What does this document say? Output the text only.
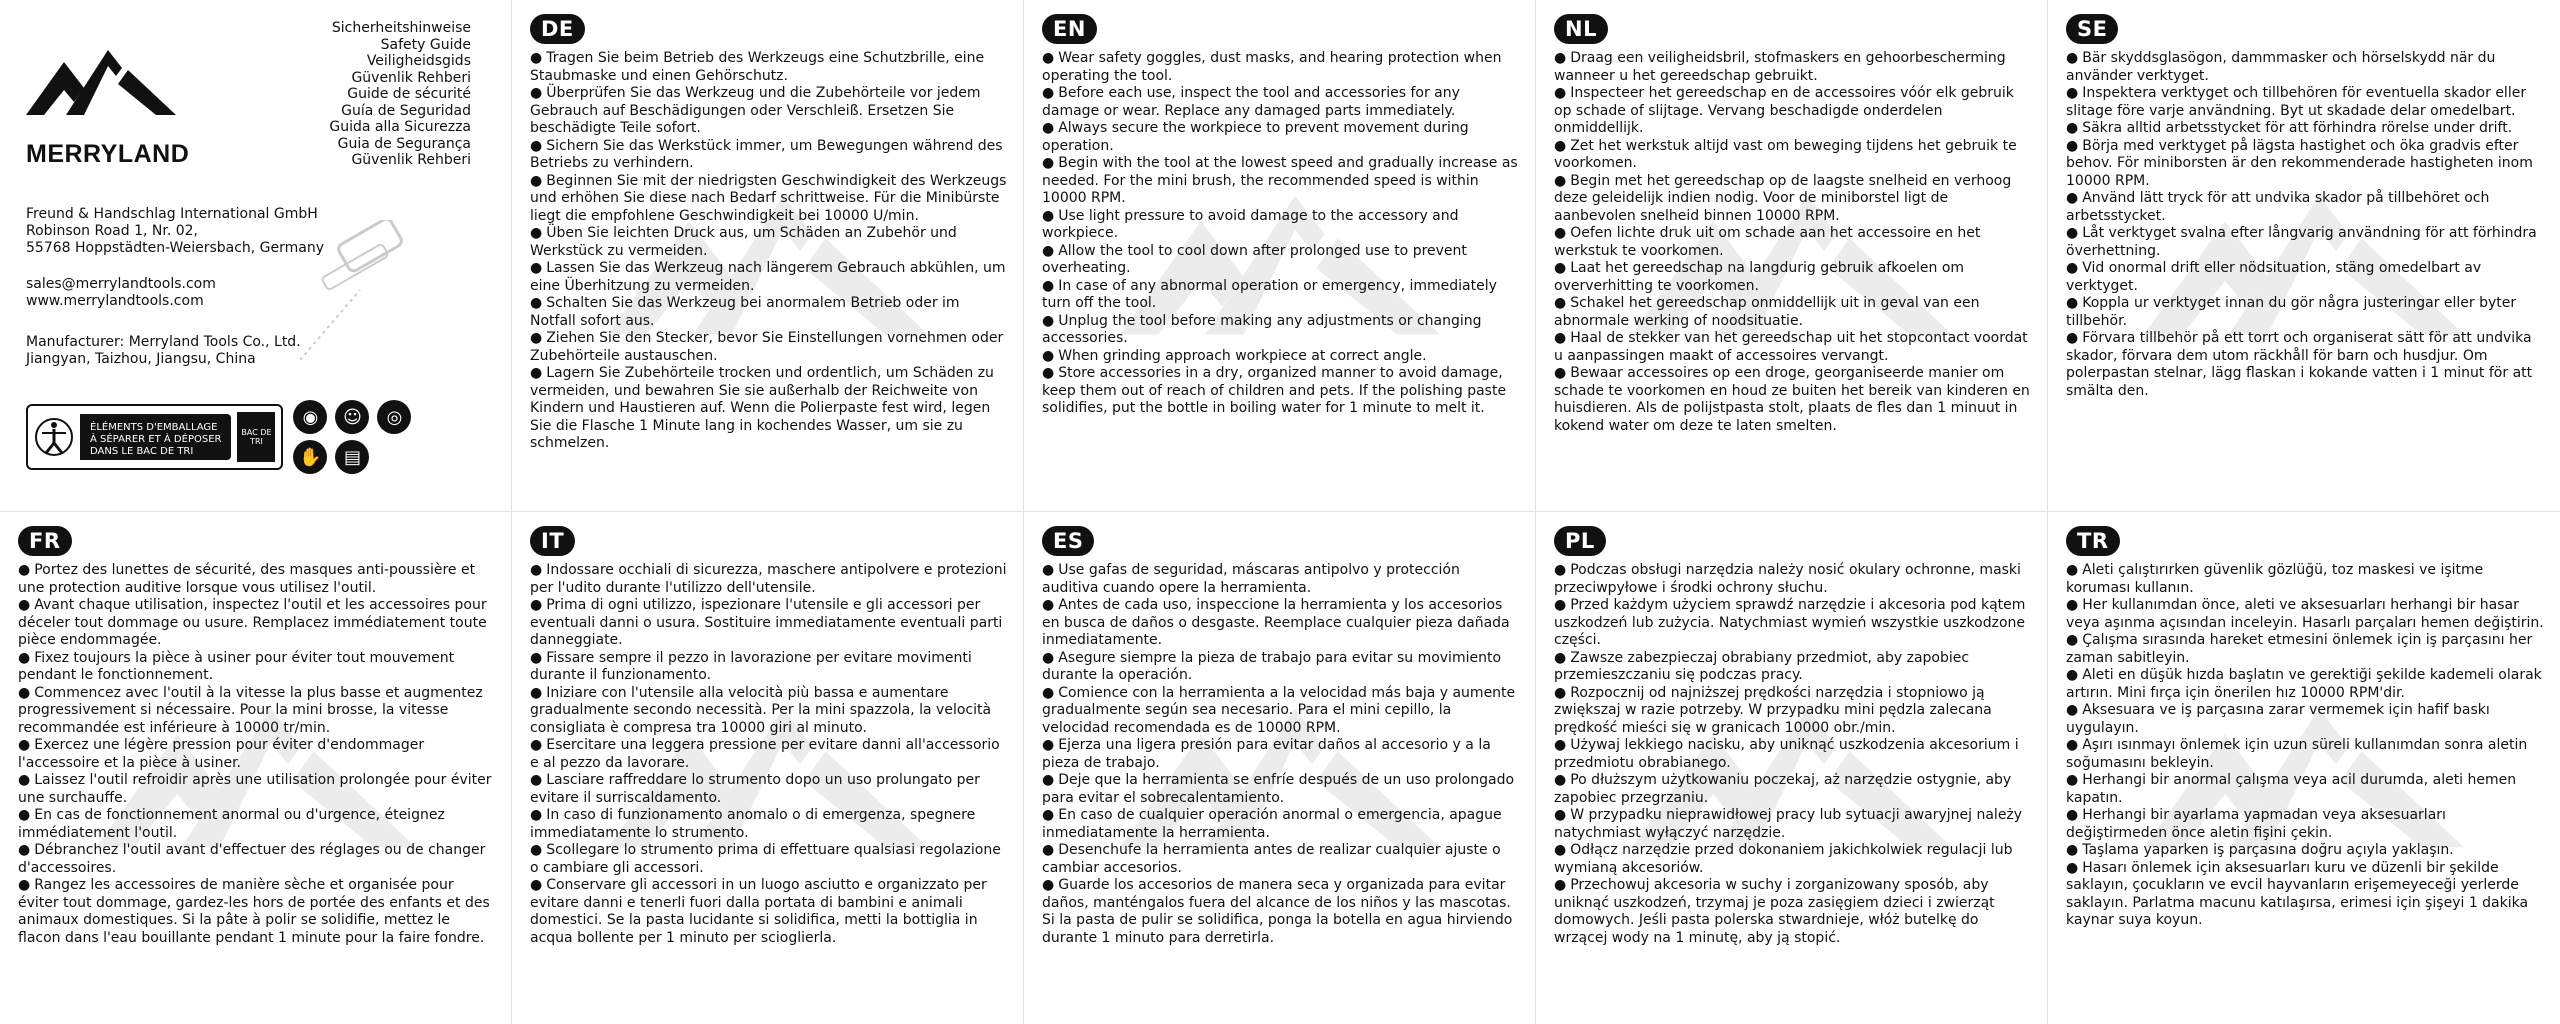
MERRYLAND
Sicherheitshinweise
Safety Guide
Veiligheidsgids
Güvenlik Rehberi
Guide de sécurité
Guía de Seguridad
Guida alla Sicurezza
Guia de Segurança
Güvenlik Rehberi
Freund & Handschlag International GmbH
Robinson Road 1, Nr. 02,
55768 Hoppstädten-Weiersbach, Germany
sales@merrylandtools.com
www.merrylandtools.com
Manufacturer: Merryland Tools Co., Ltd.
Jiangyan, Taizhou, Jiangsu, China
ÉLÉMENTS D'EMBALLAGE
À SÉPARER ET À DÉPOSER
DANS LE BAC DE TRI
BAC DE TRI
◉	☺	◎
✋	▤
DE
● Tragen Sie beim Betrieb des Werkzeugs eine Schutzbrille, eine Staubmaske und einen Gehörschutz.
● Überprüfen Sie das Werkzeug und die Zubehörteile vor jedem Gebrauch auf Beschädigungen oder Verschleiß. Ersetzen Sie beschädigte Teile sofort.
● Sichern Sie das Werkstück immer, um Bewegungen während des Betriebs zu verhindern.
● Beginnen Sie mit der niedrigsten Geschwindigkeit des Werkzeugs und erhöhen Sie diese nach Bedarf schrittweise. Für die Minibürste liegt die empfohlene Geschwindigkeit bei 10000 U/min.
● Üben Sie leichten Druck aus, um Schäden an Zubehör und Werkstück zu vermeiden.
● Lassen Sie das Werkzeug nach längerem Gebrauch abkühlen, um eine Überhitzung zu vermeiden.
● Schalten Sie das Werkzeug bei anormalem Betrieb oder im Notfall sofort aus.
● Ziehen Sie den Stecker, bevor Sie Einstellungen vornehmen oder Zubehörteile austauschen.
● Lagern Sie Zubehörteile trocken und ordentlich, um Schäden zu vermeiden, und bewahren Sie sie außerhalb der Reichweite von Kindern und Haustieren auf. Wenn die Polierpaste fest wird, legen Sie die Flasche 1 Minute lang in kochendes Wasser, um sie zu schmelzen.
EN
● Wear safety goggles, dust masks, and hearing protection when operating the tool.
● Before each use, inspect the tool and accessories for any damage or wear. Replace any damaged parts immediately.
● Always secure the workpiece to prevent movement during operation.
● Begin with the tool at the lowest speed and gradually increase as needed. For the mini brush, the recommended speed is within 10000 RPM.
● Use light pressure to avoid damage to the accessory and workpiece.
● Allow the tool to cool down after prolonged use to prevent overheating.
● In case of any abnormal operation or emergency, immediately turn off the tool.
● Unplug the tool before making any adjustments or changing accessories.
● When grinding approach workpiece at correct angle.
● Store accessories in a dry, organized manner to avoid damage, keep them out of reach of children and pets. If the polishing paste solidifies, put the bottle in boiling water for 1 minute to melt it.
NL
● Draag een veiligheidsbril, stofmaskers en gehoorbescherming wanneer u het gereedschap gebruikt.
● Inspecteer het gereedschap en de accessoires vóór elk gebruik op schade of slijtage. Vervang beschadigde onderdelen onmiddellijk.
● Zet het werkstuk altijd vast om beweging tijdens het gebruik te voorkomen.
● Begin met het gereedschap op de laagste snelheid en verhoog deze geleidelijk indien nodig. Voor de miniborstel ligt de aanbevolen snelheid binnen 10000 RPM.
● Oefen lichte druk uit om schade aan het accessoire en het werkstuk te voorkomen.
● Laat het gereedschap na langdurig gebruik afkoelen om oververhitting te voorkomen.
● Schakel het gereedschap onmiddellijk uit in geval van een abnormale werking of noodsituatie.
● Haal de stekker van het gereedschap uit het stopcontact voordat u aanpassingen maakt of accessoires vervangt.
● Bewaar accessoires op een droge, georganiseerde manier om schade te voorkomen en houd ze buiten het bereik van kinderen en huisdieren. Als de polijstpasta stolt, plaats de fles dan 1 minuut in kokend water om deze te laten smelten.
SE
● Bär skyddsglasögon, dammmasker och hörselskydd när du använder verktyget.
● Inspektera verktyget och tillbehören för eventuella skador eller slitage före varje användning. Byt ut skadade delar omedelbart.
● Säkra alltid arbetsstycket för att förhindra rörelse under drift.
● Börja med verktyget på lägsta hastighet och öka gradvis efter behov. För miniborsten är den rekommenderade hastigheten inom 10000 RPM.
● Använd lätt tryck för att undvika skador på tillbehöret och arbetsstycket.
● Låt verktyget svalna efter långvarig användning för att förhindra överhettning.
● Vid onormal drift eller nödsituation, stäng omedelbart av verktyget.
● Koppla ur verktyget innan du gör några justeringar eller byter tillbehör.
● Förvara tillbehör på ett torrt och organiserat sätt för att undvika skador, förvara dem utom räckhåll för barn och husdjur. Om polerpastan stelnar, lägg flaskan i kokande vatten i 1 minut för att smälta den.
FR
● Portez des lunettes de sécurité, des masques anti-poussière et une protection auditive lorsque vous utilisez l'outil.
● Avant chaque utilisation, inspectez l'outil et les accessoires pour déceler tout dommage ou usure. Remplacez immédiatement toute pièce endommagée.
● Fixez toujours la pièce à usiner pour éviter tout mouvement pendant le fonctionnement.
● Commencez avec l'outil à la vitesse la plus basse et augmentez progressivement si nécessaire. Pour la mini brosse, la vitesse recommandée est inférieure à 10000 tr/min.
● Exercez une légère pression pour éviter d'endommager l'accessoire et la pièce à usiner.
● Laissez l'outil refroidir après une utilisation prolongée pour éviter une surchauffe.
● En cas de fonctionnement anormal ou d'urgence, éteignez immédiatement l'outil.
● Débranchez l'outil avant d'effectuer des réglages ou de changer d'accessoires.
● Rangez les accessoires de manière sèche et organisée pour éviter tout dommage, gardez-les hors de portée des enfants et des animaux domestiques. Si la pâte à polir se solidifie, mettez le flacon dans l'eau bouillante pendant 1 minute pour la faire fondre.
IT
● Indossare occhiali di sicurezza, maschere antipolvere e protezioni per l'udito durante l'utilizzo dell'utensile.
● Prima di ogni utilizzo, ispezionare l'utensile e gli accessori per eventuali danni o usura. Sostituire immediatamente eventuali parti danneggiate.
● Fissare sempre il pezzo in lavorazione per evitare movimenti durante il funzionamento.
● Iniziare con l'utensile alla velocità più bassa e aumentare gradualmente secondo necessità. Per la mini spazzola, la velocità consigliata è compresa tra 10000 giri al minuto.
● Esercitare una leggera pressione per evitare danni all'accessorio e al pezzo da lavorare.
● Lasciare raffreddare lo strumento dopo un uso prolungato per evitare il surriscaldamento.
● In caso di funzionamento anomalo o di emergenza, spegnere immediatamente lo strumento.
● Scollegare lo strumento prima di effettuare qualsiasi regolazione o cambiare gli accessori.
● Conservare gli accessori in un luogo asciutto e organizzato per evitare danni e tenerli fuori dalla portata di bambini e animali domestici. Se la pasta lucidante si solidifica, metti la bottiglia in acqua bollente per 1 minuto per scioglierla.
ES
● Use gafas de seguridad, máscaras antipolvo y protección auditiva cuando opere la herramienta.
● Antes de cada uso, inspeccione la herramienta y los accesorios en busca de daños o desgaste. Reemplace cualquier pieza dañada inmediatamente.
● Asegure siempre la pieza de trabajo para evitar su movimiento durante la operación.
● Comience con la herramienta a la velocidad más baja y aumente gradualmente según sea necesario. Para el mini cepillo, la velocidad recomendada es de 10000 RPM.
● Ejerza una ligera presión para evitar daños al accesorio y a la pieza de trabajo.
● Deje que la herramienta se enfríe después de un uso prolongado para evitar el sobrecalentamiento.
● En caso de cualquier operación anormal o emergencia, apague inmediatamente la herramienta.
● Desenchufe la herramienta antes de realizar cualquier ajuste o cambiar accesorios.
● Guarde los accesorios de manera seca y organizada para evitar daños, manténgalos fuera del alcance de los niños y las mascotas. Si la pasta de pulir se solidifica, ponga la botella en agua hirviendo durante 1 minuto para derretirla.
PL
● Podczas obsługi narzędzia należy nosić okulary ochronne, maski przeciwpyłowe i środki ochrony słuchu.
● Przed każdym użyciem sprawdź narzędzie i akcesoria pod kątem uszkodzeń lub zużycia. Natychmiast wymień wszystkie uszkodzone części.
● Zawsze zabezpieczaj obrabiany przedmiot, aby zapobiec przemieszczaniu się podczas pracy.
● Rozpocznij od najniższej prędkości narzędzia i stopniowo ją zwiększaj w razie potrzeby. W przypadku mini pędzla zalecana prędkość mieści się w granicach 10000 obr./min.
● Używaj lekkiego nacisku, aby uniknąć uszkodzenia akcesorium i przedmiotu obrabianego.
● Po dłuższym użytkowaniu poczekaj, aż narzędzie ostygnie, aby zapobiec przegrzaniu.
● W przypadku nieprawidłowej pracy lub sytuacji awaryjnej należy natychmiast wyłączyć narzędzie.
● Odłącz narzędzie przed dokonaniem jakichkolwiek regulacji lub wymianą akcesoriów.
● Przechowuj akcesoria w suchy i zorganizowany sposób, aby uniknąć uszkodzeń, trzymaj je poza zasięgiem dzieci i zwierząt domowych. Jeśli pasta polerska stwardnieje, włóż butelkę do wrzącej wody na 1 minutę, aby ją stopić.
TR
● Aleti çalıştırırken güvenlik gözlüğü, toz maskesi ve işitme koruması kullanın.
● Her kullanımdan önce, aleti ve aksesuarları herhangi bir hasar veya aşınma açısından inceleyin. Hasarlı parçaları hemen değiştirin.
● Çalışma sırasında hareket etmesini önlemek için iş parçasını her zaman sabitleyin.
● Aleti en düşük hızda başlatın ve gerektiği şekilde kademeli olarak artırın. Mini fırça için önerilen hız 10000 RPM'dir.
● Aksesuara ve iş parçasına zarar vermemek için hafif baskı uygulayın.
● Aşırı ısınmayı önlemek için uzun süreli kullanımdan sonra aletin soğumasını bekleyin.
● Herhangi bir anormal çalışma veya acil durumda, aleti hemen kapatın.
● Herhangi bir ayarlama yapmadan veya aksesuarları değiştirmeden önce aletin fişini çekin.
● Taşlama yaparken iş parçasına doğru açıyla yaklaşın.
● Hasarı önlemek için aksesuarları kuru ve düzenli bir şekilde saklayın, çocukların ve evcil hayvanların erişemeyeceği yerlerde saklayın. Parlatma macunu katılaşırsa, erimesi için şişeyi 1 dakika kaynar suya koyun.
